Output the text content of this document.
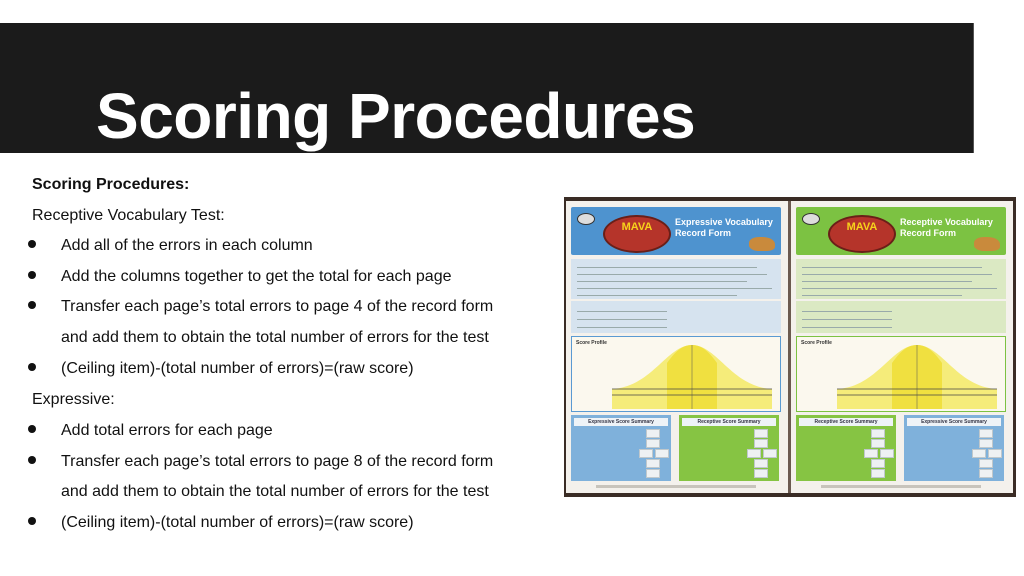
Scoring Procedures
Scoring Procedures:
Receptive Vocabulary Test:
Add all of the errors in each column
Add the columns together to get the total for each page
Transfer each page’s total errors to page 4 of the record form
and add them to obtain the total number of errors for the test
(Ceiling item)-(total number of errors)=(raw score)
Expressive:
Add total errors for each page
Transfer each page’s total errors to page 8 of the record form
and add them to obtain the total number of errors for the test
(Ceiling item)-(total number of errors)=(raw score)
MAVA	Expressive Vocabulary Record Form
Score Profile
Expressive Score Summary	Receptive Score Summary
MAVA	Receptive Vocabulary Record Form
Score Profile
Receptive Score Summary	Expressive Score Summary
